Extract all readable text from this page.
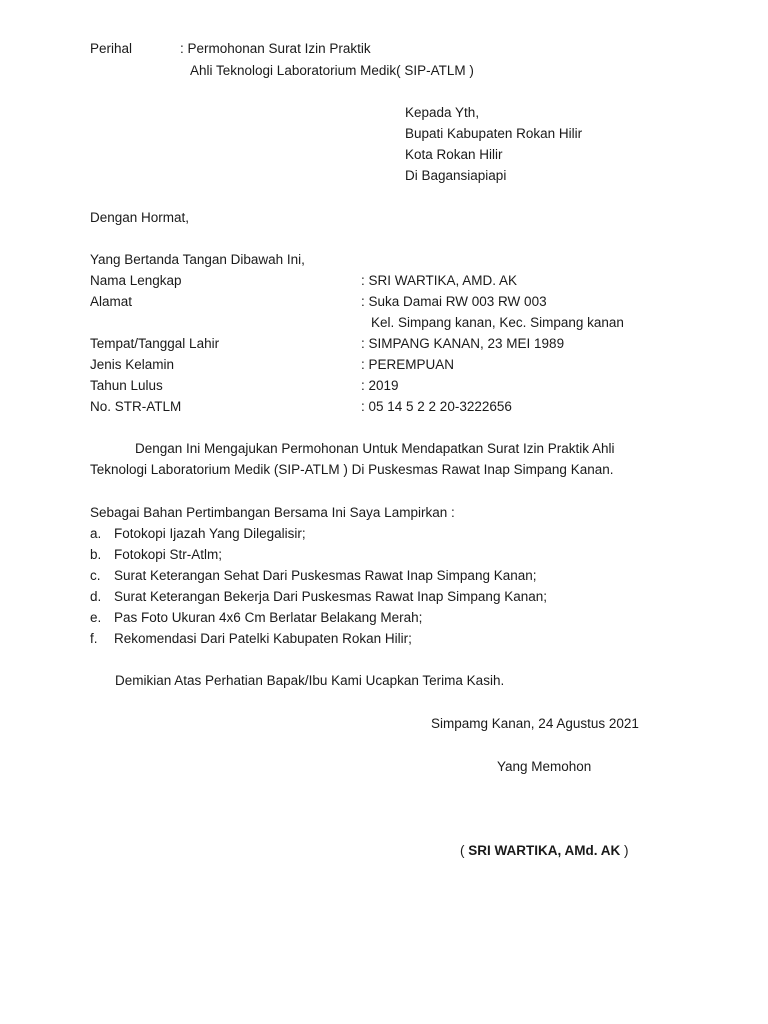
Perihal	: Permohonan Surat Izin Praktik
Ahli Teknologi Laboratorium Medik( SIP-ATLM )
Kepada Yth,
Bupati Kabupaten Rokan Hilir
Kota Rokan Hilir
Di Bagansiapiapi
Dengan Hormat,
Yang Bertanda Tangan Dibawah Ini,
Nama Lengkap	: SRI WARTIKA, AMD. AK
Alamat	: Suka Damai RW 003 RW 003
Kel. Simpang kanan, Kec. Simpang kanan
Tempat/Tanggal Lahir	: SIMPANG KANAN, 23 MEI 1989
Jenis Kelamin	: PEREMPUAN
Tahun Lulus	: 2019
No. STR-ATLM	: 05 14 5 2 2 20-3222656
Dengan Ini Mengajukan Permohonan Untuk Mendapatkan Surat Izin Praktik Ahli
Teknologi Laboratorium Medik (SIP-ATLM ) Di Puskesmas Rawat Inap Simpang Kanan.
Sebagai Bahan Pertimbangan Bersama Ini Saya Lampirkan :
a. Fotokopi Ijazah Yang Dilegalisir;
b. Fotokopi Str-Atlm;
c. Surat Keterangan Sehat Dari Puskesmas Rawat Inap Simpang Kanan;
d. Surat Keterangan Bekerja Dari Puskesmas Rawat Inap Simpang Kanan;
e. Pas Foto Ukuran 4x6 Cm Berlatar Belakang Merah;
f. Rekomendasi Dari Patelki Kabupaten Rokan Hilir;
Demikian Atas Perhatian Bapak/Ibu Kami Ucapkan Terima Kasih.
Simpamg Kanan, 24 Agustus 2021
Yang Memohon
( SRI WARTIKA, AMd. AK )
